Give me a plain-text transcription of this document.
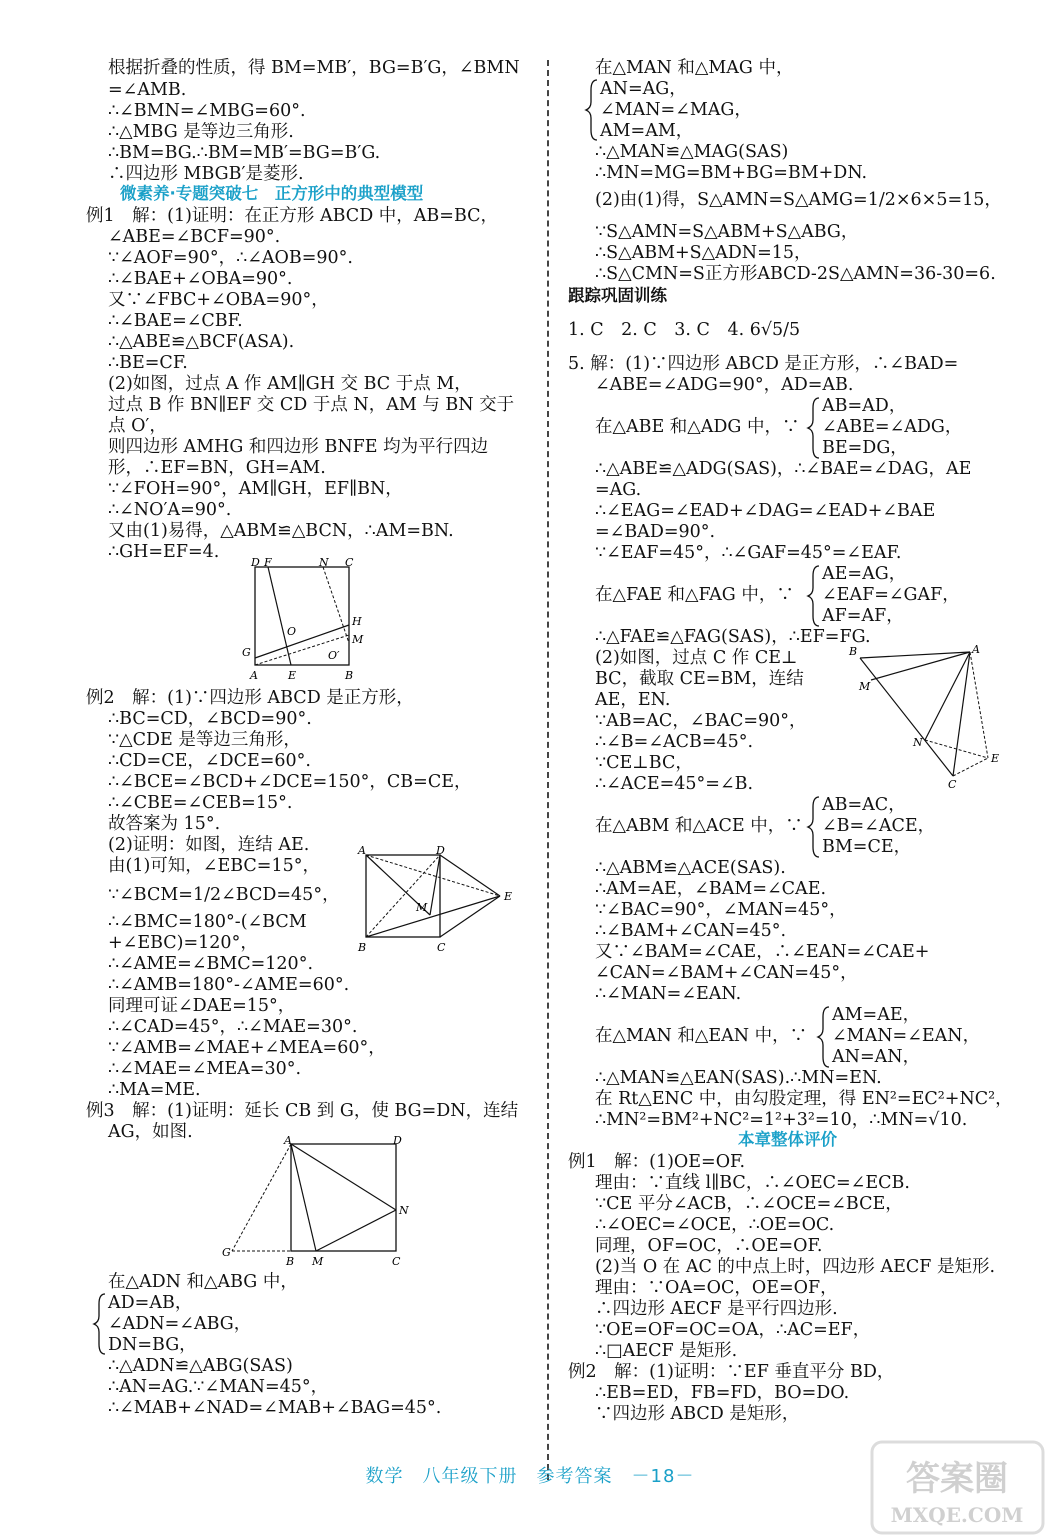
根据折叠的性质，得 BM=MB′，BG=B′G，∠BMN
=∠AMB.
∴∠BMN=∠MBG=60°.
∴△MBG 是等边三角形.
∴BM=BG.∴BM=MB′=BG=B′G.
∴四边形 MBGB′是菱形.
微素养·专题突破七　正方形中的典型模型
例1　解：(1)证明：在正方形 ABCD 中，AB=BC，
∠ABE=∠BCF=90°.
∵∠AOF=90°，∴∠AOB=90°.
∴∠BAE+∠OBA=90°.
又∵∠FBC+∠OBA=90°，
∴∠BAE=∠CBF.
∴△ABE≌△BCF(ASA).
∴BE=CF.
(2)如图，过点 A 作 AM∥GH 交 BC 于点 M，
过点 B 作 BN∥EF 交 CD 于点 N，AM 与 BN 交于
点 O′，
则四边形 AMHG 和四边形 BNFE 均为平行四边
形，∴EF=BN，GH=AM.
∵∠FOH=90°，AM∥GH，EF∥BN，
∴∠NO′A=90°.
又由(1)易得，△ABM≌△BCN，∴AM=BN.
∴GH=EF=4.
D F	N C
H
O
M
G	O′
A	E	B
例2　解：(1)∵四边形 ABCD 是正方形，
∴BC=CD，∠BCD=90°.
∵△CDE 是等边三角形，
∴CD=CE，∠DCE=60°.
∴∠BCE=∠BCD+∠DCE=150°，CB=CE，
∴∠CBE=∠CEB=15°.
故答案为 15°.
(2)证明：如图，连结 AE.
由(1)可知，∠EBC=15°，
∵∠BCM=1/2∠BCD=45°，
∴∠BMC=180°-(∠BCM
+∠EBC)=120°，
∴∠AME=∠BMC=120°.
∴∠AMB=180°-∠AME=60°.
同理可证∠DAE=15°，
∴∠CAD=45°，∴∠MAE=30°.
∵∠AMB=∠MAE+∠MEA=60°，
∴∠MAE=∠MEA=30°.
∴MA=ME.
A	D
E
M
B	C
例3　解：(1)证明：延长 CB 到 G，使 BG=DN，连结
AG，如图.	A	D
N
G
B M	C
在△ADN 和△ABG 中，
AD=AB，
∠ADN=∠ABG，
DN=BG，
∴△ADN≌△ABG(SAS)
∴AN=AG.∵∠MAN=45°，
∴∠MAB+∠NAD=∠MAB+∠BAG=45°.
在△MAN 和△MAG 中，
AN=AG，
∠MAN=∠MAG，
AM=AM，
∴△MAN≌△MAG(SAS)
∴MN=MG=BM+BG=BM+DN.
(2)由(1)得，S△AMN=S△AMG=1/2×6×5=15，
∵S△AMN=S△ABM+S△ABG，
∴S△ABM+S△ADN=15，
∴S△CMN=S正方形ABCD-2S△AMN=36-30=6.
跟踪巩固训练
1. C　2. C　3. C　4. 6√5/5
5. 解：(1)∵四边形 ABCD 是正方形，∴∠BAD=
∠ABE=∠ADG=90°，AD=AB.
在△ABE 和△ADG 中，∵
AB=AD，
∠ABE=∠ADG，
BE=DG，
∴△ABE≌△ADG(SAS)，∴∠BAE=∠DAG，AE
=AG.
∴∠EAG=∠EAD+∠DAG=∠EAD+∠BAE
=∠BAD=90°.
∵∠EAF=45°，∴∠GAF=45°=∠EAF.
在△FAE 和△FAG 中，∵
AE=AG，
∠EAF=∠GAF，
AF=AF，
∴△FAE≌△FAG(SAS)，∴EF=FG.
(2)如图，过点 C 作 CE⊥
BC，截取 CE=BM，连结
AE，EN.
∵AB=AC，∠BAC=90°，
∴∠B=∠ACB=45°.
∵CE⊥BC，
∴∠ACE=45°=∠B.
B	A
M
N
E
C
在△ABM 和△ACE 中，∵
AB=AC，
∠B=∠ACE，
BM=CE，
∴△ABM≌△ACE(SAS).
∴AM=AE，∠BAM=∠CAE.
∵∠BAC=90°，∠MAN=45°，
∴∠BAM+∠CAN=45°.
又∵∠BAM=∠CAE，∴∠EAN=∠CAE+
∠CAN=∠BAM+∠CAN=45°，
∴∠MAN=∠EAN.
在△MAN 和△EAN 中，∵
AM=AE，
∠MAN=∠EAN，
AN=AN，
∴△MAN≌△EAN(SAS).∴MN=EN.
在 Rt△ENC 中，由勾股定理，得 EN²=EC²+NC²，
∴MN²=BM²+NC²=1²+3²=10，∴MN=√10.
本章整体评价
例1　解：(1)OE=OF.
理由：∵直线 l∥BC，∴∠OEC=∠ECB.
∵CE 平分∠ACB，∴∠OCE=∠BCE，
∴∠OEC=∠OCE，∴OE=OC.
同理，OF=OC，∴OE=OF.
(2)当 O 在 AC 的中点上时，四边形 AECF 是矩形.
理由：∵OA=OC，OE=OF，
∴四边形 AECF 是平行四边形.
∵OE=OF=OC=OA，∴AC=EF，
∴□AECF 是矩形.
例2　解：(1)证明：∵EF 垂直平分 BD，
∴EB=ED，FB=FD，BO=DO.
∵四边形 ABCD 是矩形，
数学　八年级下册　参考答案　－18－	答案圈
MXQE.COM
